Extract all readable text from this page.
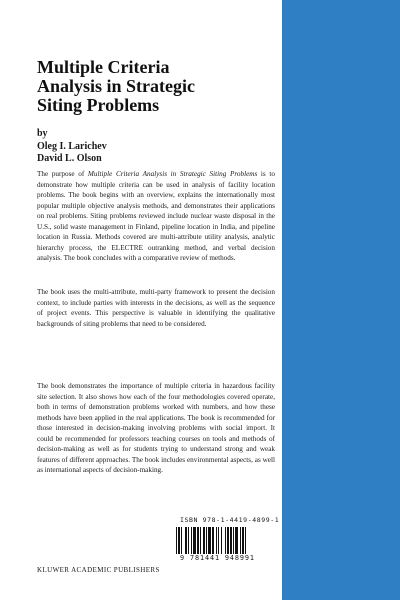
Multiple Criteria
Analysis in Strategic
Siting Problems
by
Oleg I. Larichev
David L. Olson

The purpose of Multiple Criteria Analysis in Strategic Siting Problems is to demonstrate how multiple criteria can be used in analysis of facility location problems. The book begins with an overview, explains the internationally most popular multiple objective analysis methods, and demonstrates their applications on real problems. Siting problems reviewed include nuclear waste disposal in the U.S., solid waste management in Finland, pipeline location in India, and pipeline location in Russia. Methods covered are multi-attribute utility analysis, analytic hierarchy process, the ELECTRE outranking method, and verbal decision analysis. The book concludes with a comparative review of methods.

The book uses the multi-attribute, multi-party framework to present the decision context, to include parties with interests in the decisions, as well as the sequence of project events. This perspective is valuable in identifying the qualitative backgrounds of siting problems that need to be considered.

The book demonstrates the importance of multiple criteria in hazardous facility site selection. It also shows how each of the four methodologies covered operate, both in terms of demonstration problems worked with numbers, and how these methods have been applied in the real applications. The book is recommended for those interested in decision-making involving problems with social import. It could be recommended for professors teaching courses on tools and methods of decision-making as well as for students trying to understand strong and weak features of different approaches. The book includes environmental aspects, as well as international aspects of decision-making.

ISBN 978-1-4419-4899-1
9 781441 948991
KLUWER ACADEMIC PUBLISHERS
